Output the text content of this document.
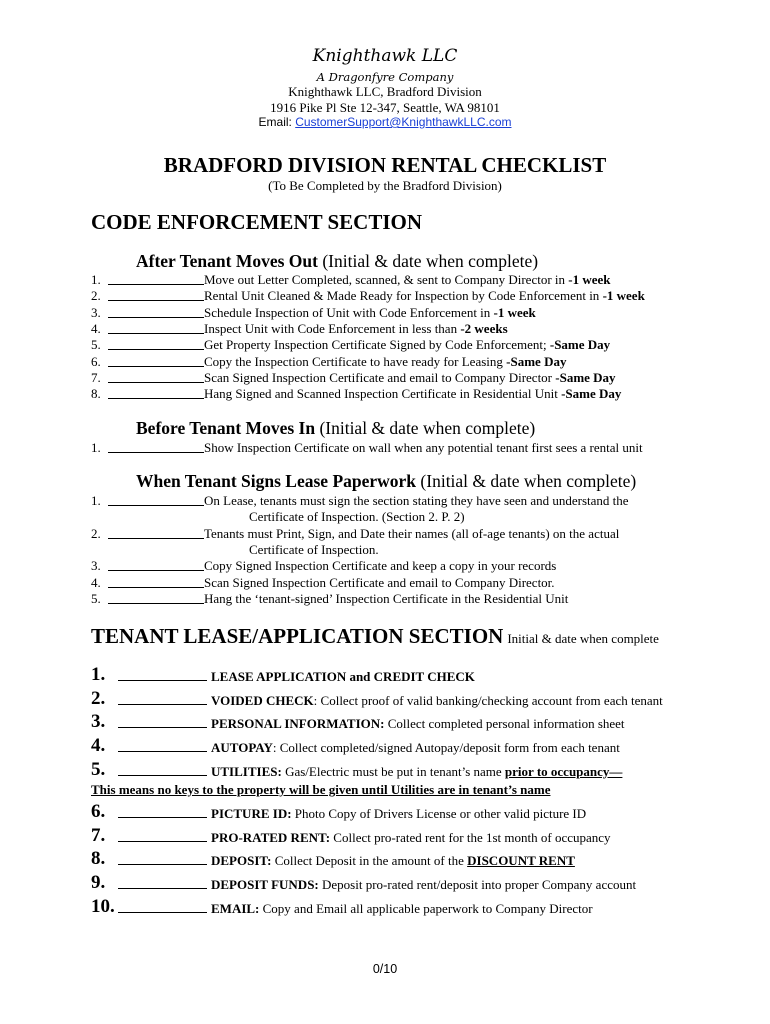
Knighthawk LLC
A Dragonfyre Company
Knighthawk LLC, Bradford Division
1916 Pike Pl Ste 12-347, Seattle, WA 98101
Email: CustomerSupport@KnighthawkLLC.com
BRADFORD DIVISION RENTAL CHECKLIST
(To Be Completed by the Bradford Division)
CODE ENFORCEMENT SECTION
After Tenant Moves Out (Initial & date when complete)
1.	Move out Letter Completed, scanned, & sent to Company Director in -1 week
2.	Rental Unit Cleaned & Made Ready for Inspection by Code Enforcement in -1 week
3.	Schedule Inspection of Unit with Code Enforcement in -1 week
4.	Inspect Unit with Code Enforcement in less than -2 weeks
5.	Get Property Inspection Certificate Signed by Code Enforcement; -Same Day
6.	Copy the Inspection Certificate to have ready for Leasing -Same Day
7.	Scan Signed Inspection Certificate and email to Company Director -Same Day
8.	Hang Signed and Scanned Inspection Certificate in Residential Unit -Same Day
Before Tenant Moves In (Initial & date when complete)
1.	Show Inspection Certificate on wall when any potential tenant first sees a rental unit
When Tenant Signs Lease Paperwork (Initial & date when complete)
1.	On Lease, tenants must sign the section stating they have seen and understand the
Certificate of Inspection. (Section 2. P. 2)
2.	Tenants must Print, Sign, and Date their names (all of-age tenants) on the actual
Certificate of Inspection.
3.	Copy Signed Inspection Certificate and keep a copy in your records
4.	Scan Signed Inspection Certificate and email to Company Director.
5.	Hang the ‘tenant-signed’ Inspection Certificate in the Residential Unit
TENANT LEASE/APPLICATION SECTION Initial & date when complete
1.	LEASE APPLICATION and CREDIT CHECK
2.	VOIDED CHECK: Collect proof of valid banking/checking account from each tenant
3.	PERSONAL INFORMATION: Collect completed personal information sheet
4.	AUTOPAY: Collect completed/signed Autopay/deposit form from each tenant
5.	UTILITIES: Gas/Electric must be put in tenant’s name prior to occupancy—
6.	PICTURE ID: Photo Copy of Drivers License or other valid picture ID
7.	PRO-RATED RENT: Collect pro-rated rent for the 1st month of occupancy
8.	DEPOSIT: Collect Deposit in the amount of the DISCOUNT RENT
9.	DEPOSIT FUNDS: Deposit pro-rated rent/deposit into proper Company account
10.	EMAIL: Copy and Email all applicable paperwork to Company Director
This means no keys to the property will be given until Utilities are in tenant’s name
0/10
